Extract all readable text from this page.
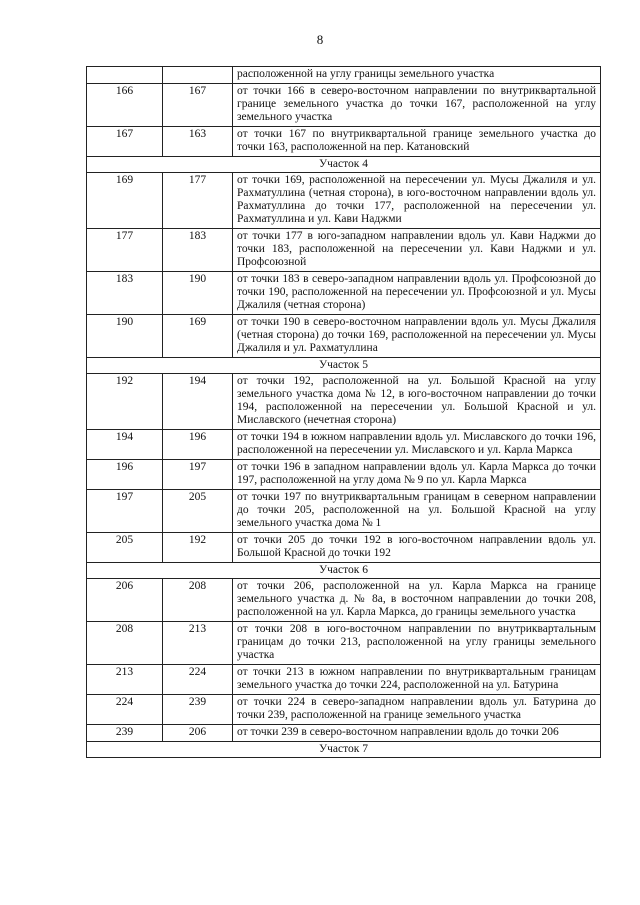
8
		расположенной на углу границы земельного участка
166	167	от точки 166 в северо-восточном направлении по внутриквартальной границе земельного участка до точки 167, расположенной на углу земельного участка
167	163	от точки 167 по внутриквартальной границе земельного участка до точки 163, расположенной на пер. Катановский
Участок 4		
169	177	от точки 169, расположенной на пересечении ул. Мусы Джалиля и ул. Рахматуллина (четная сторона), в юго-восточном направлении вдоль ул. Рахматуллина до точки 177, расположенной на пересечении ул. Рахматуллина и ул. Кави Наджми
177	183	от точки 177 в юго-западном направлении вдоль ул. Кави Наджми до точки 183, расположенной на пересечении ул. Кави Наджми и ул. Профсоюзной
183	190	от точки 183 в северо-западном направлении вдоль ул. Профсоюзной до точки 190, расположенной на пересечении ул. Профсоюзной и ул. Мусы Джалиля (четная сторона)
190	169	от точки 190 в северо-восточном направлении вдоль ул. Мусы Джалиля (четная сторона) до точки 169, расположенной на пересечении ул. Мусы Джалиля и ул. Рахматуллина
Участок 5		
192	194	от точки 192, расположенной на ул. Большой Красной на углу земельного участка дома № 12, в юго-восточном направлении до точки 194, расположенной на пересечении ул. Большой Красной и ул. Миславского (нечетная сторона)
194	196	от точки 194 в южном направлении вдоль ул. Миславского до точки 196, расположенной на пересечении ул. Миславского и ул. Карла Маркса
196	197	от точки 196 в западном направлении вдоль ул. Карла Маркса до точки 197, расположенной на углу дома № 9 по ул. Карла Маркса
197	205	от точки 197 по внутриквартальным границам в северном направлении до точки 205, расположенной на ул. Большой Красной на углу земельного участка дома № 1
205	192	от точки 205 до точки 192 в юго-восточном направлении вдоль ул. Большой Красной до точки 192
Участок 6		
206	208	от точки 206, расположенной на ул. Карла Маркса на границе земельного участка д. № 8а, в восточном направлении до точки 208, расположенной на ул. Карла Маркса, до границы земельного участка
208	213	от точки 208 в юго-восточном направлении по внутриквартальным границам до точки 213, расположенной на углу границы земельного участка
213	224	от точки 213 в южном направлении по внутриквартальным границам земельного участка до точки 224, расположенной на ул. Батурина
224	239	от точки 224 в северо-западном направлении вдоль ул. Батурина до точки 239, расположенной на границе земельного участка
239	206	от точки 239 в северо-восточном направлении вдоль до точки 206
Участок 7		
